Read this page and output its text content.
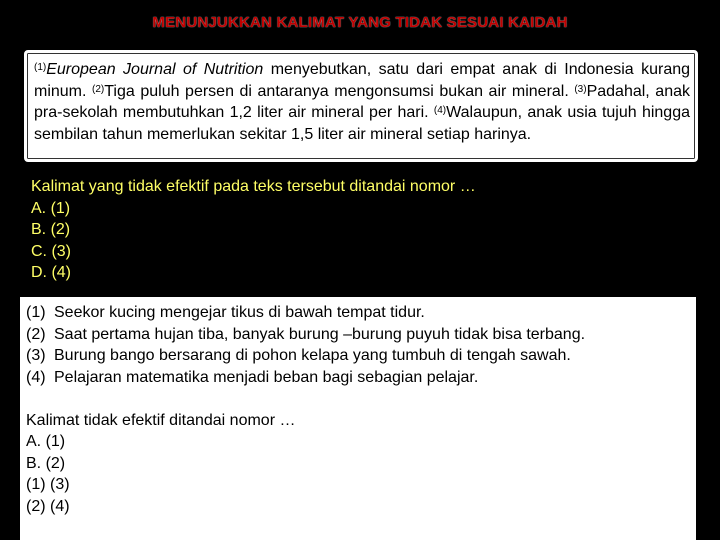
MENUNJUKKAN KALIMAT YANG TIDAK SESUAI KAIDAH
$^{(1)}$European Journal of Nutrition menyebutkan, satu dari empat anak di Indonesia kurang minum. $^{(2)}$Tiga puluh persen di antaranya mengonsumsi bukan air mineral. $^{(3)}$Padahal, anak pra-sekolah membutuhkan 1,2 liter air mineral per hari. $^{(4)}$Walaupun, anak usia tujuh hingga sembilan tahun memerlukan sekitar 1,5 liter air mineral setiap harinya.
Kalimat yang tidak efektif pada teks tersebut ditandai nomor …
A. (1)
B. (2)
C. (3)
D. (4)
(1) Seekor kucing mengejar tikus di bawah tempat tidur.
(2) Saat pertama hujan tiba, banyak burung –burung puyuh tidak bisa terbang.
(3) Burung bango bersarang di pohon kelapa yang tumbuh di tengah sawah.
(4) Pelajaran matematika menjadi beban bagi sebagian pelajar.
Kalimat tidak efektif ditandai nomor …
A. (1)
B. (2)
(1) (3)
(2) (4)
